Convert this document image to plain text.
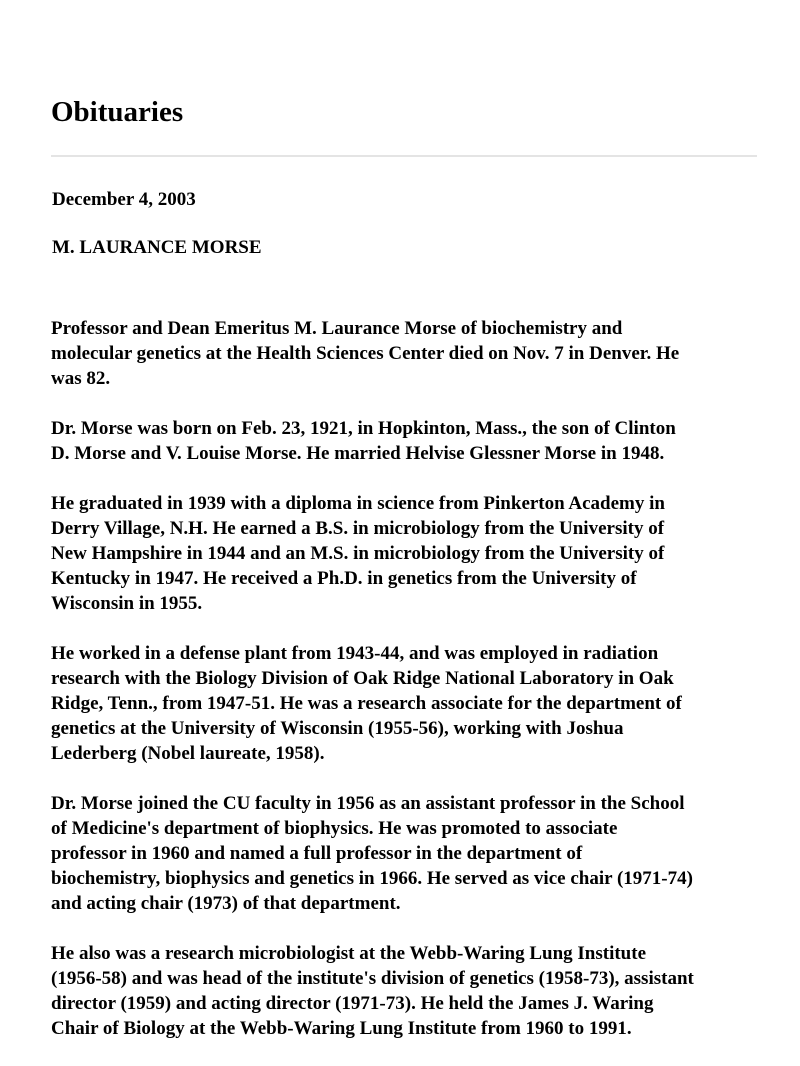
Obituaries
December 4, 2003
M. LAURANCE MORSE

Professor and Dean Emeritus M. Laurance Morse of biochemistry and
molecular genetics at the Health Sciences Center died on Nov. 7 in Denver. He
was 82.

Dr. Morse was born on Feb. 23, 1921, in Hopkinton, Mass., the son of Clinton
D. Morse and V. Louise Morse. He married Helvise Glessner Morse in 1948.

He graduated in 1939 with a diploma in science from Pinkerton Academy in
Derry Village, N.H. He earned a B.S. in microbiology from the University of
New Hampshire in 1944 and an M.S. in microbiology from the University of
Kentucky in 1947. He received a Ph.D. in genetics from the University of
Wisconsin in 1955.

He worked in a defense plant from 1943-44, and was employed in radiation
research with the Biology Division of Oak Ridge National Laboratory in Oak
Ridge, Tenn., from 1947-51. He was a research associate for the department of
genetics at the University of Wisconsin (1955-56), working with Joshua
Lederberg (Nobel laureate, 1958).

Dr. Morse joined the CU faculty in 1956 as an assistant professor in the School
of Medicine's department of biophysics. He was promoted to associate
professor in 1960 and named a full professor in the department of
biochemistry, biophysics and genetics in 1966. He served as vice chair (1971-74)
and acting chair (1973) of that department.

He also was a research microbiologist at the Webb-Waring Lung Institute
(1956-58) and was head of the institute's division of genetics (1958-73), assistant
director (1959) and acting director (1971-73). He held the James J. Waring
Chair of Biology at the Webb-Waring Lung Institute from 1960 to 1991.
